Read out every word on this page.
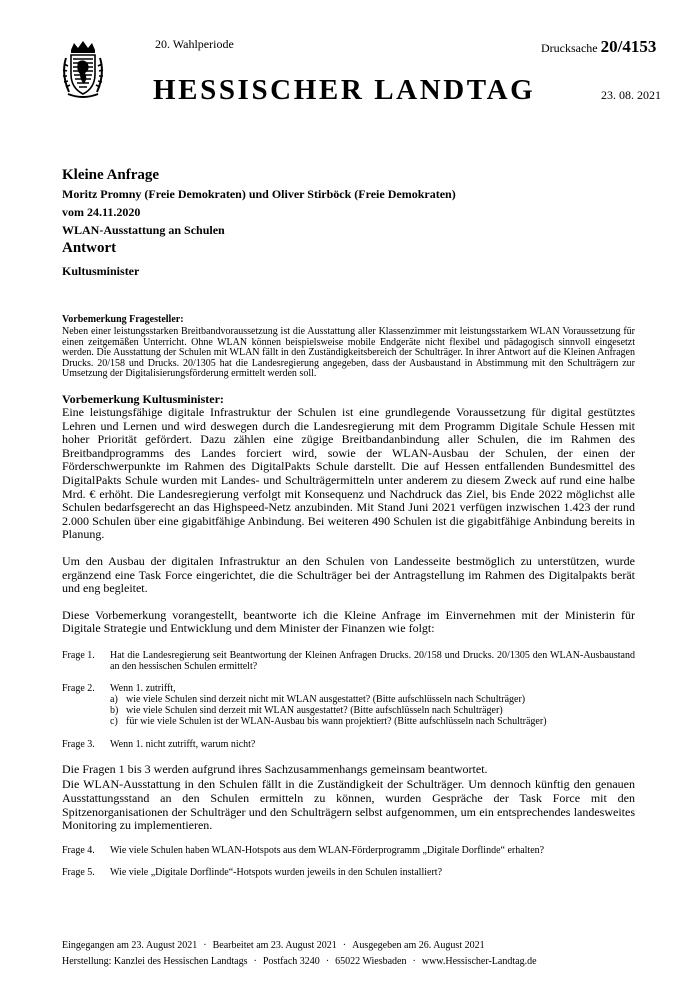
20. Wahlperiode	Drucksache 20/4153
HESSISCHER LANDTAG	23. 08. 2021
Kleine Anfrage
Moritz Promny (Freie Demokraten) und Oliver Stirböck (Freie Demokraten)
vom 24.11.2020
WLAN-Ausstattung an Schulen
Antwort
Kultusminister

Vorbemerkung Fragesteller:

Neben einer leistungsstarken Breitbandvoraussetzung ist die Ausstattung aller Klassenzimmer mit leistungsstarkem WLAN Voraussetzung für einen zeitgemäßen Unterricht. Ohne WLAN können beispielsweise mobile Endgeräte nicht flexibel und pädagogisch sinnvoll eingesetzt werden. Die Ausstattung der Schulen mit WLAN fällt in den Zuständigkeitsbereich der Schulträger. In ihrer Antwort auf die Kleinen Anfragen Drucks. 20/158 und Drucks. 20/1305 hat die Landesregierung angegeben, dass der Ausbaustand in Abstimmung mit den Schulträgern zur Umsetzung der Digitalisierungsförderung ermittelt werden soll.

Vorbemerkung Kultusminister:

Eine leistungsfähige digitale Infrastruktur der Schulen ist eine grundlegende Voraussetzung für digital gestütztes Lehren und Lernen und wird deswegen durch die Landesregierung mit dem Programm Digitale Schule Hessen mit hoher Priorität gefördert. Dazu zählen eine zügige Breitbandanbindung aller Schulen, die im Rahmen des Breitbandprogramms des Landes forciert wird, sowie der WLAN-Ausbau der Schulen, der einen der Förderschwerpunkte im Rahmen des DigitalPakts Schule darstellt. Die auf Hessen entfallenden Bundesmittel des DigitalPakts Schule wurden mit Landes- und Schulträgermitteln unter anderem zu diesem Zweck auf rund eine halbe Mrd. € erhöht. Die Landesregierung verfolgt mit Konsequenz und Nachdruck das Ziel, bis Ende 2022 möglichst alle Schulen bedarfsgerecht an das Highspeed-Netz anzubinden. Mit Stand Juni 2021 verfügen inzwischen 1.423 der rund 2.000 Schulen über eine gigabitfähige Anbindung. Bei weiteren 490 Schulen ist die gigabitfähige Anbindung bereits in Planung.

Um den Ausbau der digitalen Infrastruktur an den Schulen von Landesseite bestmöglich zu unterstützen, wurde ergänzend eine Task Force eingerichtet, die die Schulträger bei der Antragstellung im Rahmen des Digitalpakts berät und eng begleitet.

Diese Vorbemerkung vorangestellt, beantworte ich die Kleine Anfrage im Einvernehmen mit der Ministerin für Digitale Strategie und Entwicklung und dem Minister der Finanzen wie folgt:

Frage 1.	Hat die Landesregierung seit Beantwortung der Kleinen Anfragen Drucks. 20/158 und Drucks. 20/1305 den WLAN-Ausbaustand an den hessischen Schulen ermittelt?
Frage 2.	Wenn 1. zutrifft,
a) wie viele Schulen sind derzeit nicht mit WLAN ausgestattet? (Bitte aufschlüsseln nach Schulträger)
b) wie viele Schulen sind derzeit mit WLAN ausgestattet? (Bitte aufschlüsseln nach Schulträger)
c) für wie viele Schulen ist der WLAN-Ausbau bis wann projektiert? (Bitte aufschlüsseln nach Schulträger)
Frage 3.	Wenn 1. nicht zutrifft, warum nicht?

Die Fragen 1 bis 3 werden aufgrund ihres Sachzusammenhangs gemeinsam beantwortet.

Die WLAN-Ausstattung in den Schulen fällt in die Zuständigkeit der Schulträger. Um dennoch künftig den genauen Ausstattungsstand an den Schulen ermitteln zu können, wurden Gespräche der Task Force mit den Spitzenorganisationen der Schulträger und den Schulträgern selbst aufgenommen, um ein entsprechendes landesweites Monitoring zu implementieren.

Frage 4.	Wie viele Schulen haben WLAN-Hotspots aus dem WLAN-Förderprogramm „Digitale Dorflinde“ erhalten?
Frage 5.	Wie viele „Digitale Dorflinde“-Hotspots wurden jeweils in den Schulen installiert?
Eingegangen am 23. August 2021 · Bearbeitet am 23. August 2021 · Ausgegeben am 26. August 2021
Herstellung: Kanzlei des Hessischen Landtags · Postfach 3240 · 65022 Wiesbaden · www.Hessischer-Landtag.de
